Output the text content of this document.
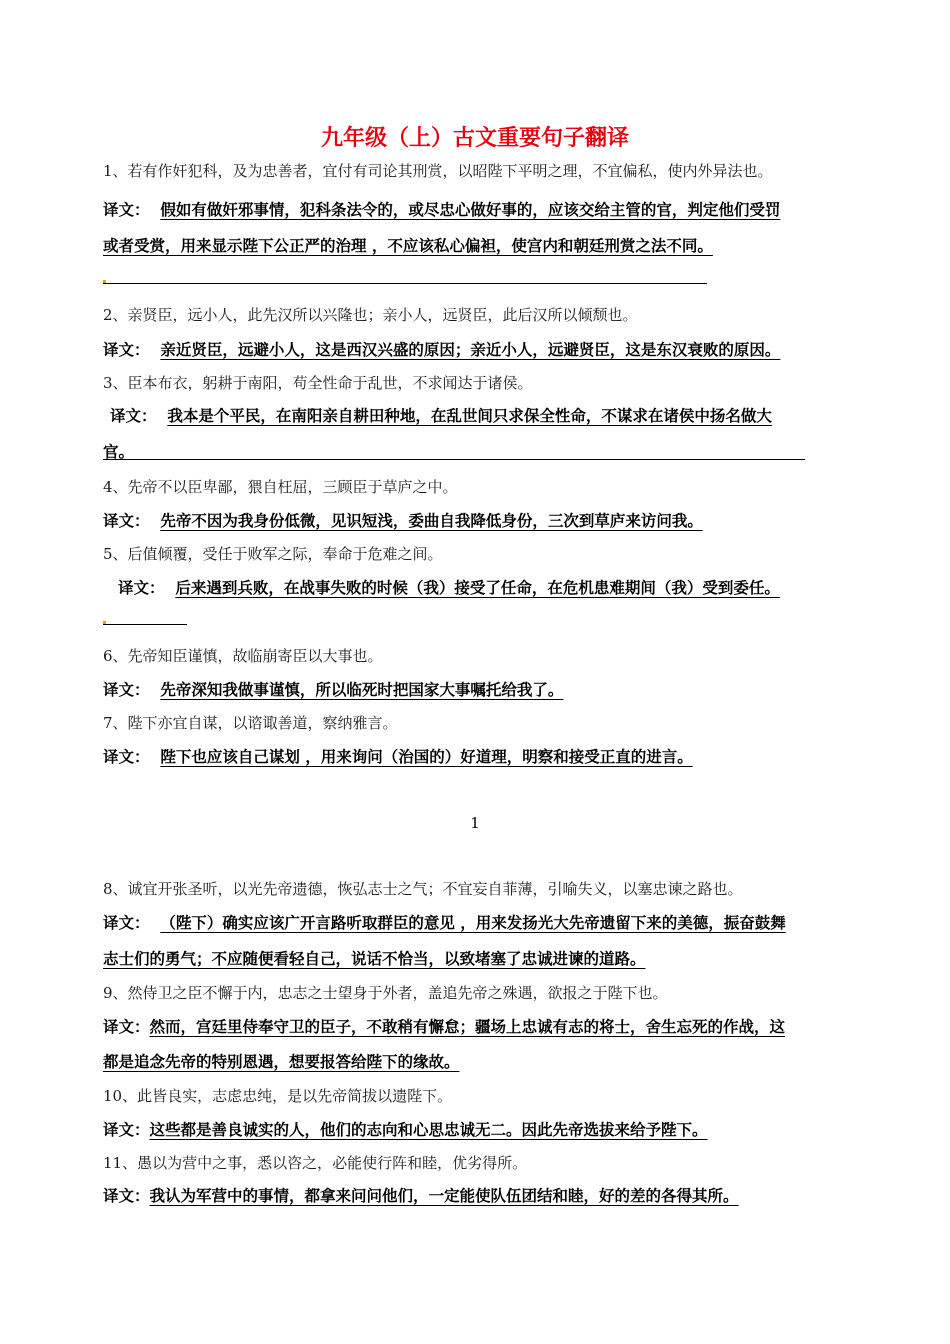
九年级（上）古文重要句子翻译
1、若有作奸犯科，及为忠善者，宜付有司论其刑赏，以昭陛下平明之理，不宜偏私，使内外异法也。
译文： 假如有做奸邪事情，犯科条法令的，或尽忠心做好事的，应该交给主管的官，判定他们受罚
或者受赏，用来显示陛下公正严的治理 ，不应该私心偏袒，使宫内和朝廷刑赏之法不同。
2、亲贤臣，远小人，此先汉所以兴隆也；亲小人，远贤臣，此后汉所以倾颓也。
译文： 亲近贤臣，远避小人，这是西汉兴盛的原因；亲近小人，远避贤臣，这是东汉衰败的原因。
3、臣本布衣，躬耕于南阳，苟全性命于乱世，不求闻达于诸侯。
译文： 我本是个平民，在南阳亲自耕田种地，在乱世间只求保全性命，不谋求在诸侯中扬名做大
官。
4、先帝不以臣卑鄙，猥自枉屈，三顾臣于草庐之中。
译文： 先帝不因为我身份低微，见识短浅，委曲自我降低身份，三次到草庐来访问我。
5、后值倾覆，受任于败军之际，奉命于危难之间。
译文： 后来遇到兵败，在战事失败的时候（我）接受了任命，在危机患难期间（我）受到委任。
6、先帝知臣谨慎，故临崩寄臣以大事也。
译文： 先帝深知我做事谨慎，所以临死时把国家大事嘱托给我了。
7、陛下亦宜自谋，以谘诹善道，察纳雅言。
译文： 陛下也应该自己谋划 ，用来询问（治国的）好道理，明察和接受正直的进言。
1
8、诚宜开张圣听，以光先帝遗德，恢弘志士之气；不宜妄自菲薄，引喻失义，以塞忠谏之路也。
译文： （陛下）确实应该广开言路听取群臣的意见 ，用来发扬光大先帝遗留下来的美德，振奋鼓舞
志士们的勇气；不应随便看轻自己，说话不恰当，以致堵塞了忠诚进谏的道路。
9、然侍卫之臣不懈于内，忠志之士望身于外者，盖追先帝之殊遇，欲报之于陛下也。
译文：然而，宫廷里侍奉守卫的臣子，不敢稍有懈怠；疆场上忠诚有志的将士，舍生忘死的作战，这
都是追念先帝的特别恩遇，想要报答给陛下的缘故。
10、此皆良实，志虑忠纯，是以先帝简拔以遗陛下。
译文：这些都是善良诚实的人，他们的志向和心思忠诚无二。因此先帝选拔来给予陛下。
11、愚以为营中之事，悉以咨之，必能使行阵和睦，优劣得所。
译文：我认为军营中的事情，都拿来问问他们，一定能使队伍团结和睦，好的差的各得其所。
